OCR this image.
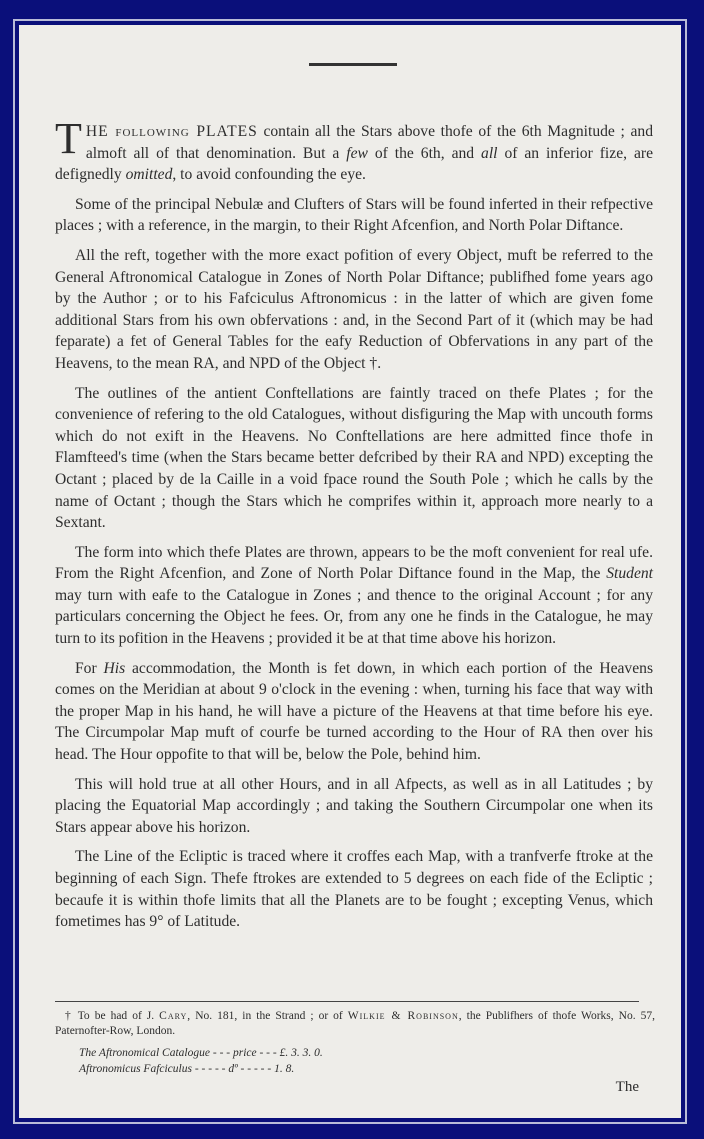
THE following PLATES contain all the Stars above thofe of the 6th Magnitude ; and almoft all of that denomination. But a few of the 6th, and all of an inferior fize, are defignedly omitted, to avoid confounding the eye.

Some of the principal Nebulæ and Clufters of Stars will be found inferted in their refpective places ; with a reference, in the margin, to their Right Afcenfion, and North Polar Diftance.

All the reft, together with the more exact pofition of every Object, muft be referred to the General Aftronomical Catalogue in Zones of North Polar Diftance; publifhed fome years ago by the Author ; or to his Fafciculus Aftronomicus : in the latter of which are given fome additional Stars from his own obfervations : and, in the Second Part of it (which may be had feparate) a fet of General Tables for the eafy Reduction of Obfervations in any part of the Heavens, to the mean RA, and NPD of the Object †.

The outlines of the antient Conftellations are faintly traced on thefe Plates ; for the convenience of refering to the old Catalogues, without disfiguring the Map with uncouth forms which do not exift in the Heavens. No Conftellations are here admitted fince thofe in Flamfteed's time (when the Stars became better defcribed by their RA and NPD) excepting the Octant ; placed by de la Caille in a void fpace round the South Pole ; which he calls by the name of Octant ; though the Stars which he comprifes within it, approach more nearly to a Sextant.

The form into which thefe Plates are thrown, appears to be the moft convenient for real ufe. From the Right Afcenfion, and Zone of North Polar Diftance found in the Map, the Student may turn with eafe to the Catalogue in Zones ; and thence to the original Account ; for any particulars concerning the Object he fees. Or, from any one he finds in the Catalogue, he may turn to its pofition in the Heavens ; provided it be at that time above his horizon.

For His accommodation, the Month is fet down, in which each portion of the Heavens comes on the Meridian at about 9 o'clock in the evening : when, turning his face that way with the proper Map in his hand, he will have a picture of the Heavens at that time before his eye. The Circumpolar Map muft of courfe be turned according to the Hour of RA then over his head. The Hour oppofite to that will be, below the Pole, behind him.

This will hold true at all other Hours, and in all Afpects, as well as in all Latitudes ; by placing the Equatorial Map accordingly ; and taking the Southern Circumpolar one when its Stars appear above his horizon.

The Line of the Ecliptic is traced where it croffes each Map, with a tranfverfe ftroke at the beginning of each Sign. Thefe ftrokes are extended to 5 degrees on each fide of the Ecliptic ; becaufe it is within thofe limits that all the Planets are to be fought ; excepting Venus, which fometimes has 9° of Latitude.

† To be had of J. Cary, No. 181, in the Strand ; or of Wilkie & Robinson, the Publifhers of thofe Works, No. 57, Paternofter-Row, London.

The Aftronomical Catalogue - - - price - - - £. 3. 3. 0.
Aftronomicus Fafciculus - - - - - dº - - - - - 1. 8.
The
